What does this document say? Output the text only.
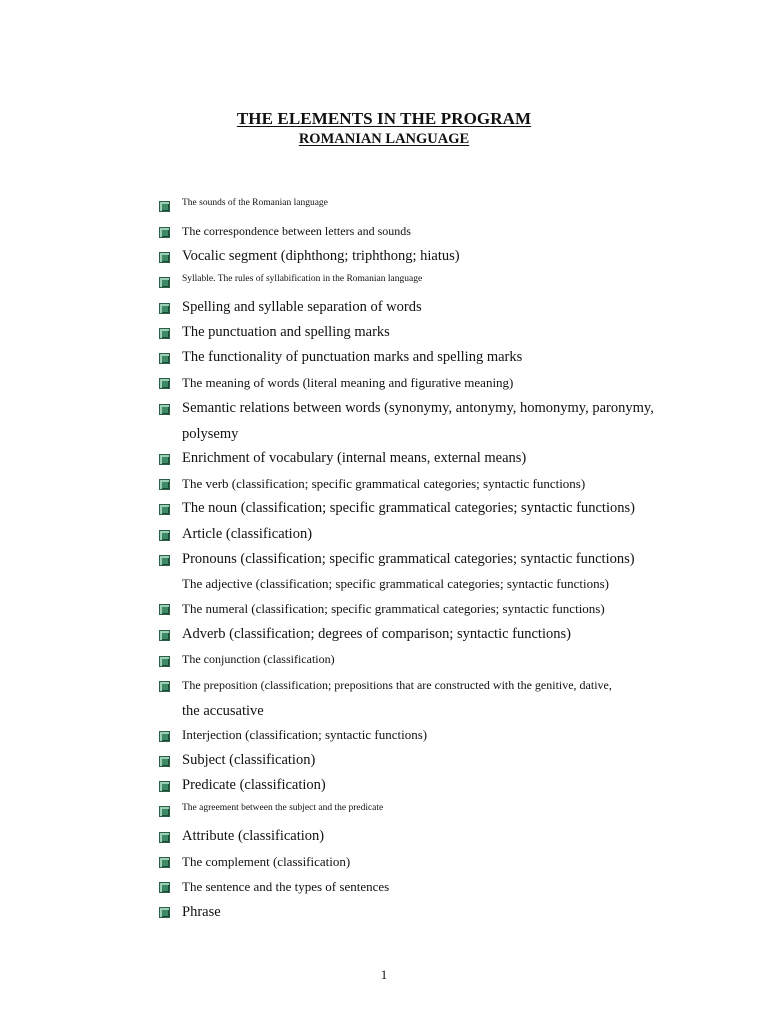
THE ELEMENTS IN THE PROGRAM
ROMANIAN LANGUAGE
The sounds of the Romanian language
The correspondence between letters and sounds
Vocalic segment (diphthong; triphthong; hiatus)
Syllable. The rules of syllabification in the Romanian language
Spelling and syllable separation of words
The punctuation and spelling marks
The functionality of punctuation marks and spelling marks
The meaning of words (literal meaning and figurative meaning)
Semantic relations between words (synonymy, antonymy, homonymy, paronymy,
polysemy
Enrichment of vocabulary (internal means, external means)
The verb (classification; specific grammatical categories; syntactic functions)
The noun (classification; specific grammatical categories; syntactic functions)
Article (classification)
Pronouns (classification; specific grammatical categories; syntactic functions)
The adjective (classification; specific grammatical categories; syntactic functions)
The numeral (classification; specific grammatical categories; syntactic functions)
Adverb (classification; degrees of comparison; syntactic functions)
The conjunction (classification)
The preposition (classification; prepositions that are constructed with the genitive, dative,
the accusative
Interjection (classification; syntactic functions)
Subject (classification)
Predicate (classification)
The agreement between the subject and the predicate
Attribute (classification)
The complement (classification)
The sentence and the types of sentences
Phrase
1
